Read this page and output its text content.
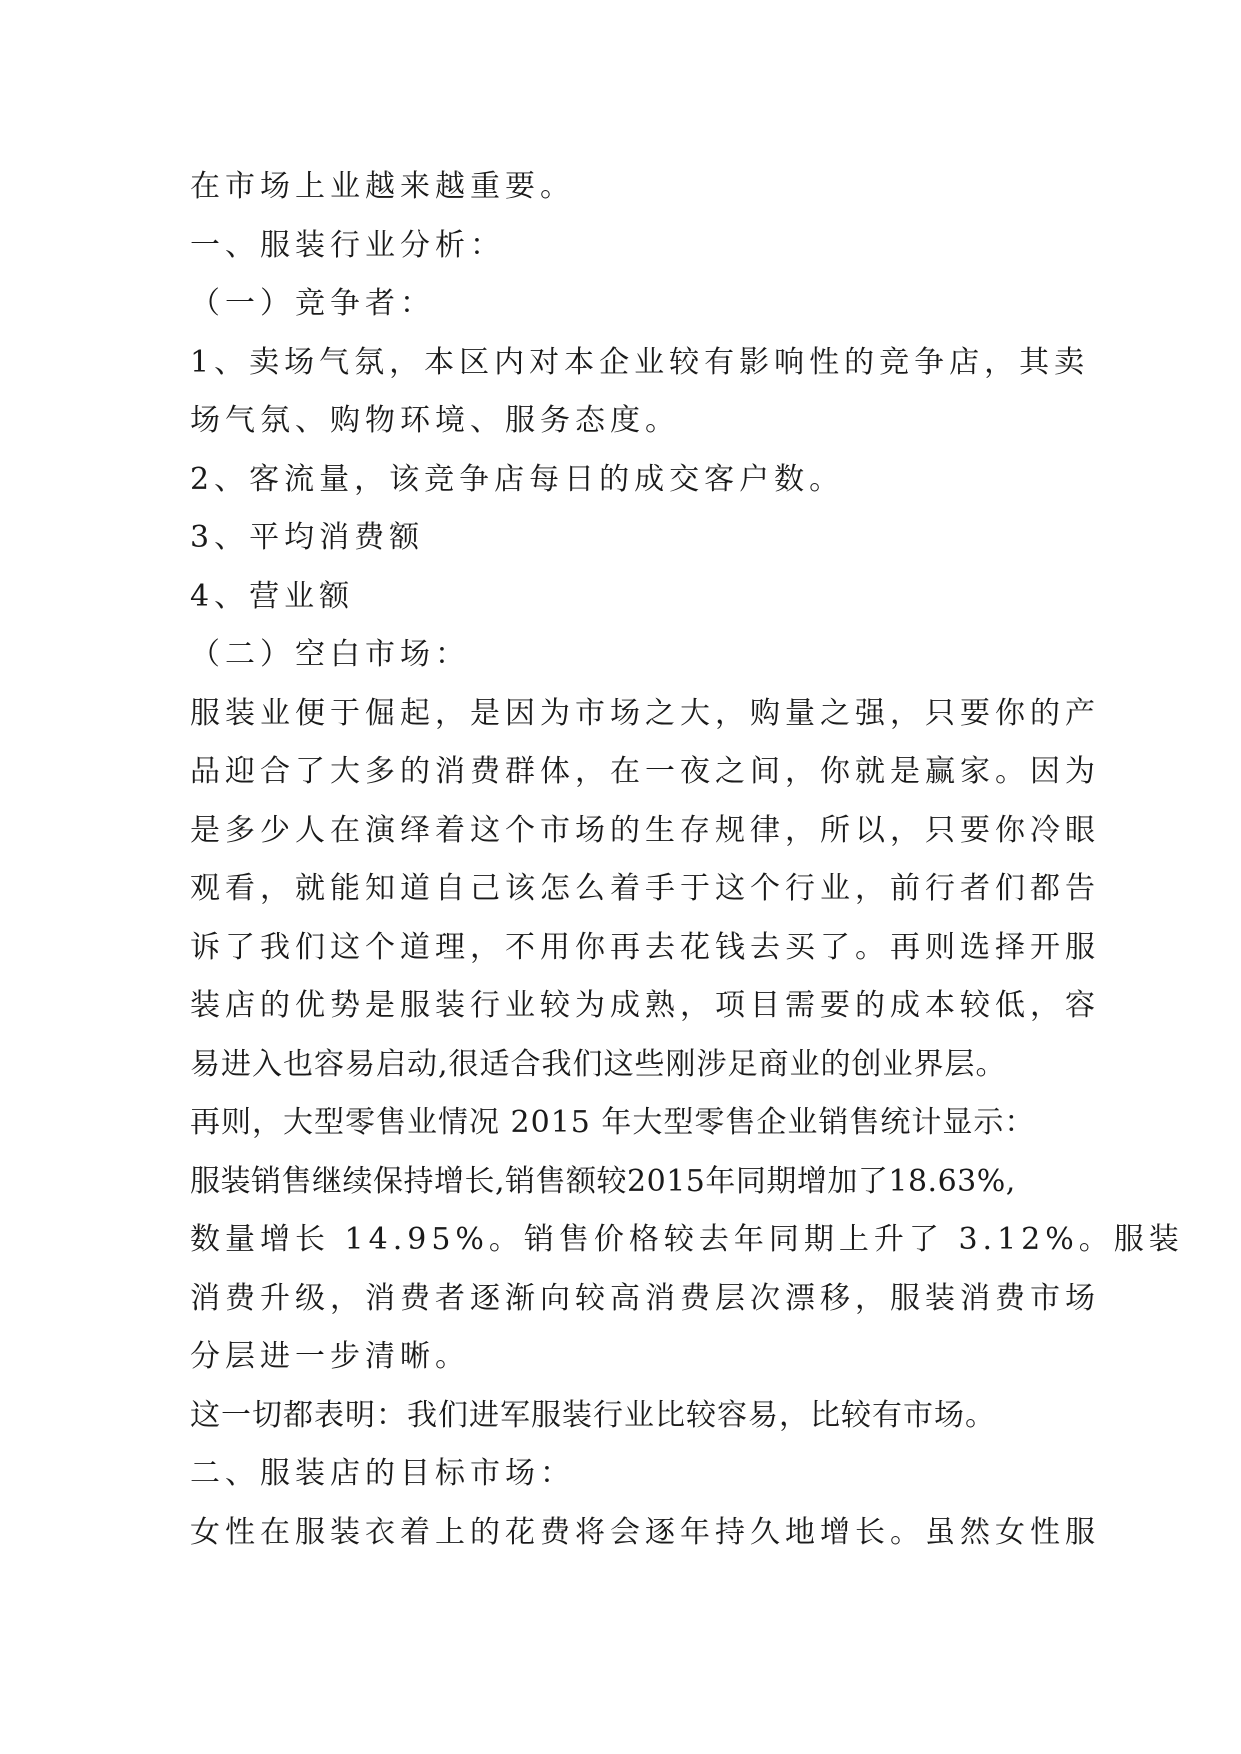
在市场上业越来越重要。
一、服装行业分析：
（一）竞争者：
1、卖场气氛，本区内对本企业较有影响性的竞争店，其卖
场气氛、购物环境、服务态度。
2、客流量，该竞争店每日的成交客户数。
3、平均消费额
4、营业额
（二）空白市场：
服装业便于倔起，是因为市场之大，购量之强，只要你的产
品迎合了大多的消费群体，在一夜之间，你就是赢家。因为
是多少人在演绎着这个市场的生存规律，所以，只要你冷眼
观看，就能知道自己该怎么着手于这个行业，前行者们都告
诉了我们这个道理，不用你再去花钱去买了。再则选择开服
装店的优势是服装行业较为成熟，项目需要的成本较低，容
易进入也容易启动,很适合我们这些刚涉足商业的创业界层。
再则，大型零售业情况 2015 年大型零售企业销售统计显示：
服装销售继续保持增长,销售额较2015年同期增加了18.63%,
数量增长 14.95%。销售价格较去年同期上升了 3.12%。服装
消费升级，消费者逐渐向较高消费层次漂移，服装消费市场
分层进一步清晰。
这一切都表明：我们进军服装行业比较容易，比较有市场。
二、服装店的目标市场：
女性在服装衣着上的花费将会逐年持久地增长。虽然女性服
